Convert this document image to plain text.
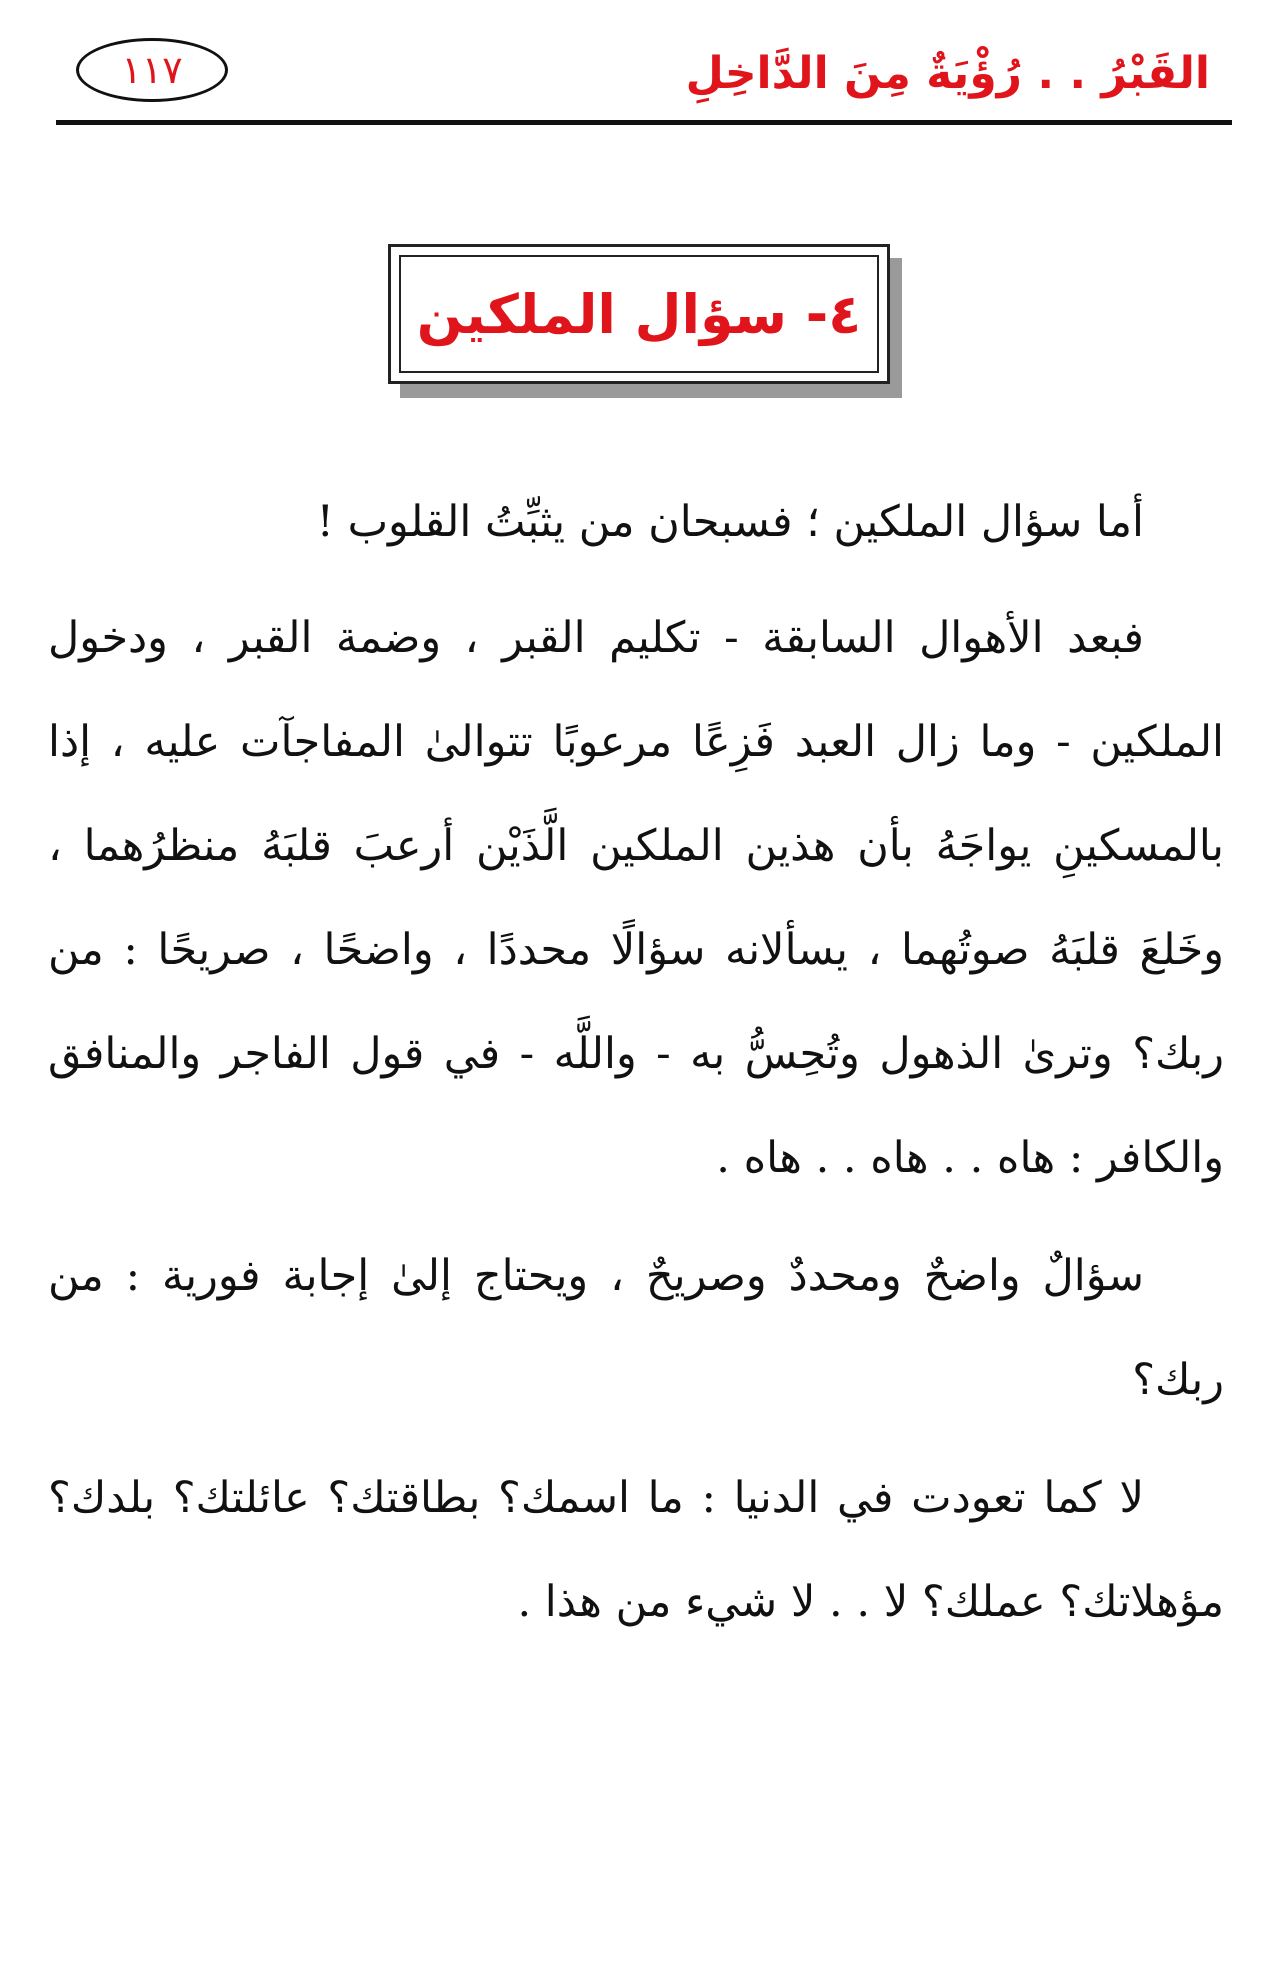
القَبْرُ . . رُؤْيَةٌ مِنَ الدَّاخِلِ
١١٧
٤- سؤال الملكين

أما سؤال الملكين ؛ فسبحان من يثبِّتُ القلوب !

فبعد الأهوال السابقة - تكليم القبر ، وضمة القبر ، ودخول الملكين - وما زال العبد فَزِعًا مرعوبًا تتوالىٰ المفاجآت عليه ، إذا بالمسكينِ يواجَهُ بأن هذين الملكين الَّذَيْن أرعبَ قلبَهُ منظرُهما ، وخَلعَ قلبَهُ صوتُهما ، يسألانه سؤالًا محددًا ، واضحًا ، صريحًا : من ربك؟ وترىٰ الذهول وتُحِسُّ به - واللَّه - في قول الفاجر والمنافق والكافر : هاه . . هاه . . هاه .

سؤالٌ واضحٌ ومحددٌ وصريحٌ ، ويحتاج إلىٰ إجابة فورية : من ربك؟

لا كما تعودت في الدنيا : ما اسمك؟ بطاقتك؟ عائلتك؟ بلدك؟ مؤهلاتك؟ عملك؟ لا . . لا شيء من هذا .
